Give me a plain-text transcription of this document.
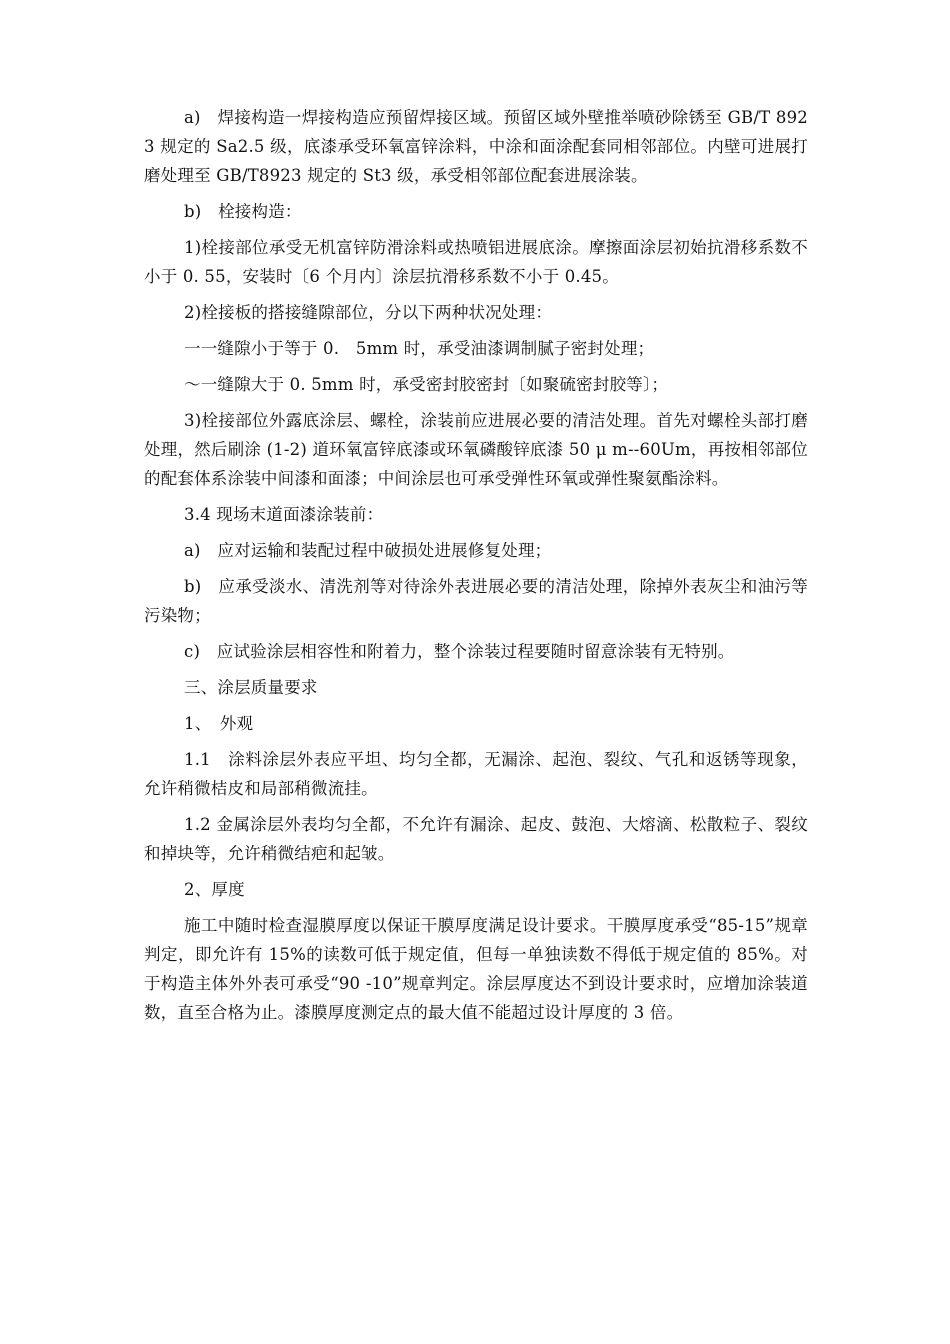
a)　焊接构造一焊接构造应预留焊接区域。预留区域外壁推举喷砂除锈至 GB/T 8923 规定的 Sa2.5 级，底漆承受环氧富锌涂料，中涂和面涂配套同相邻部位。内壁可进展打磨处理至 GB/T8923 规定的 St3 级，承受相邻部位配套进展涂装。

b)　栓接构造：

1)栓接部位承受无机富锌防滑涂料或热喷铝进展底涂。摩擦面涂层初始抗滑移系数不小于 0. 55，安装时〔6 个月内〕涂层抗滑移系数不小于 0.45。

2)栓接板的搭接缝隙部位，分以下两种状况处理：

一一缝隙小于等于 0.　5mm 时，承受油漆调制腻子密封处理；

～一缝隙大于 0. 5mm 时，承受密封胶密封〔如聚硫密封胶等〕；

3)栓接部位外露底涂层、螺栓，涂装前应进展必要的清洁处理。首先对螺栓头部打磨处理，然后刷涂 (1-2) 道环氧富锌底漆或环氧磷酸锌底漆 50 μ m--60Um，再按相邻部位的配套体系涂装中间漆和面漆；中间涂层也可承受弹性环氧或弹性聚氨酯涂料。

3.4 现场末道面漆涂装前：

a)　应对运输和装配过程中破损处进展修复处理；

b)　应承受淡水、清洗剂等对待涂外表进展必要的清洁处理，除掉外表灰尘和油污等污染物；

c)　应试验涂层相容性和附着力，整个涂装过程要随时留意涂装有无特别。

三、涂层质量要求

1、　外观

1.1　涂料涂层外表应平坦、均匀全都，无漏涂、起泡、裂纹、气孔和返锈等现象，允许稍微桔皮和局部稍微流挂。

1.2 金属涂层外表均匀全都，不允许有漏涂、起皮、鼓泡、大熔滴、松散粒子、裂纹和掉块等，允许稍微结疤和起皱。

2、厚度

施工中随时检查湿膜厚度以保证干膜厚度满足设计要求。干膜厚度承受“85-15”规章判定，即允许有 15%的读数可低于规定值，但每一单独读数不得低于规定值的 85%。对于构造主体外外表可承受“90 -10”规章判定。涂层厚度达不到设计要求时，应增加涂装道数，直至合格为止。漆膜厚度测定点的最大值不能超过设计厚度的 3 倍。
